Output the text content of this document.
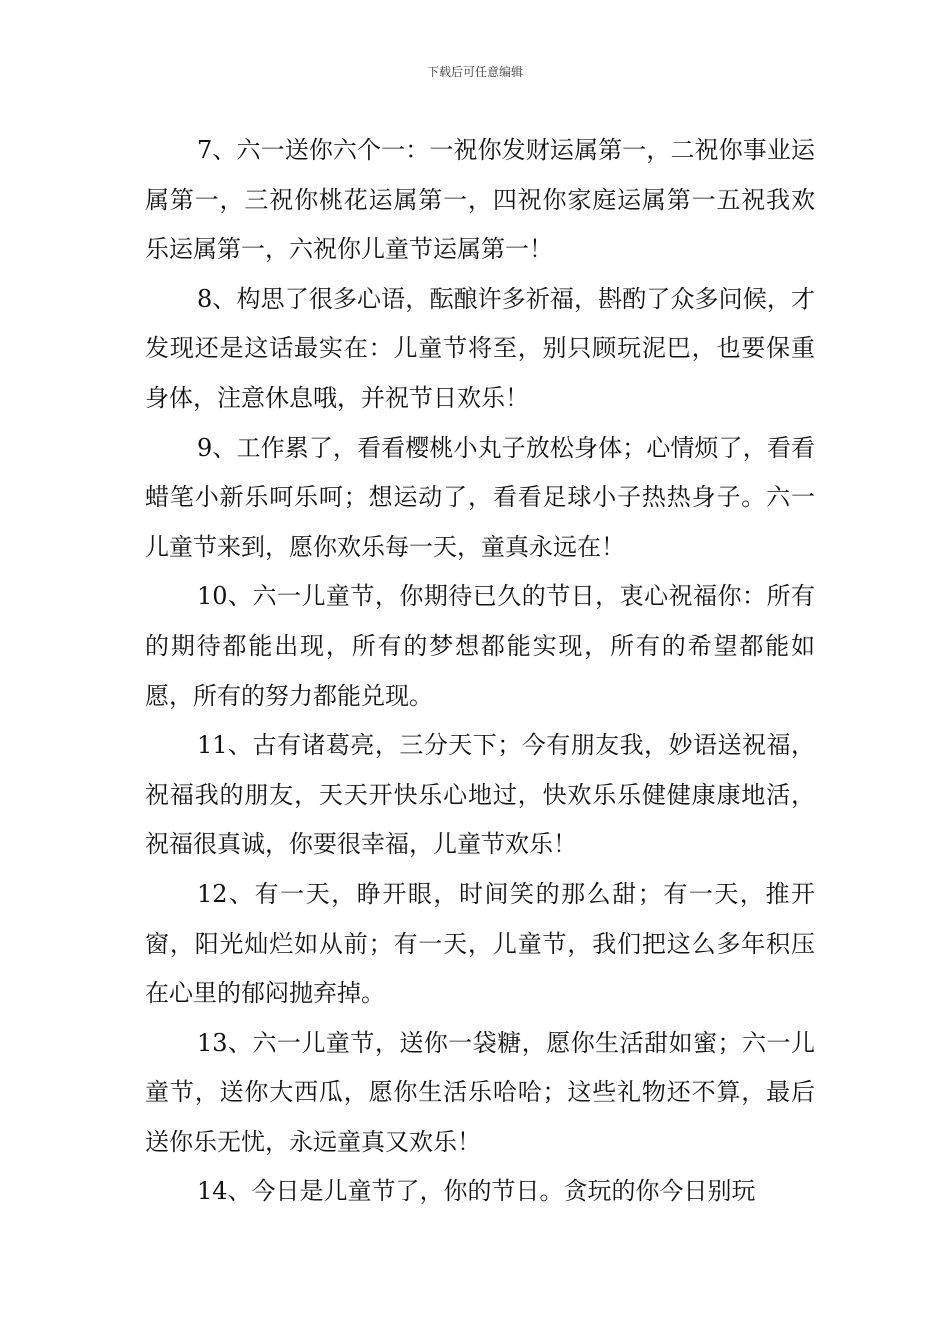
下载后可任意编辑

7、六一送你六个一：一祝你发财运属第一，二祝你事业运属第一，三祝你桃花运属第一，四祝你家庭运属第一五祝我欢乐运属第一，六祝你儿童节运属第一！

8、构思了很多心语，酝酿许多祈福，斟酌了众多问候，才发现还是这话最实在：儿童节将至，别只顾玩泥巴，也要保重身体，注意休息哦，并祝节日欢乐！

9、工作累了，看看樱桃小丸子放松身体；心情烦了，看看蜡笔小新乐呵乐呵；想运动了，看看足球小子热热身子。六一儿童节来到，愿你欢乐每一天，童真永远在！

10、六一儿童节，你期待已久的节日，衷心祝福你：所有的期待都能出现，所有的梦想都能实现，所有的希望都能如愿，所有的努力都能兑现。

11、古有诸葛亮，三分天下；今有朋友我，妙语送祝福，祝福我的朋友，天天开快乐心地过，快欢乐乐健健康康地活，祝福很真诚，你要很幸福，儿童节欢乐！

12、有一天，睁开眼，时间笑的那么甜；有一天，推开窗，阳光灿烂如从前；有一天，儿童节，我们把这么多年积压在心里的郁闷抛弃掉。

13、六一儿童节，送你一袋糖，愿你生活甜如蜜；六一儿童节，送你大西瓜，愿你生活乐哈哈；这些礼物还不算，最后送你乐无忧，永远童真又欢乐！

14、今日是儿童节了，你的节日。贪玩的你今日别玩
